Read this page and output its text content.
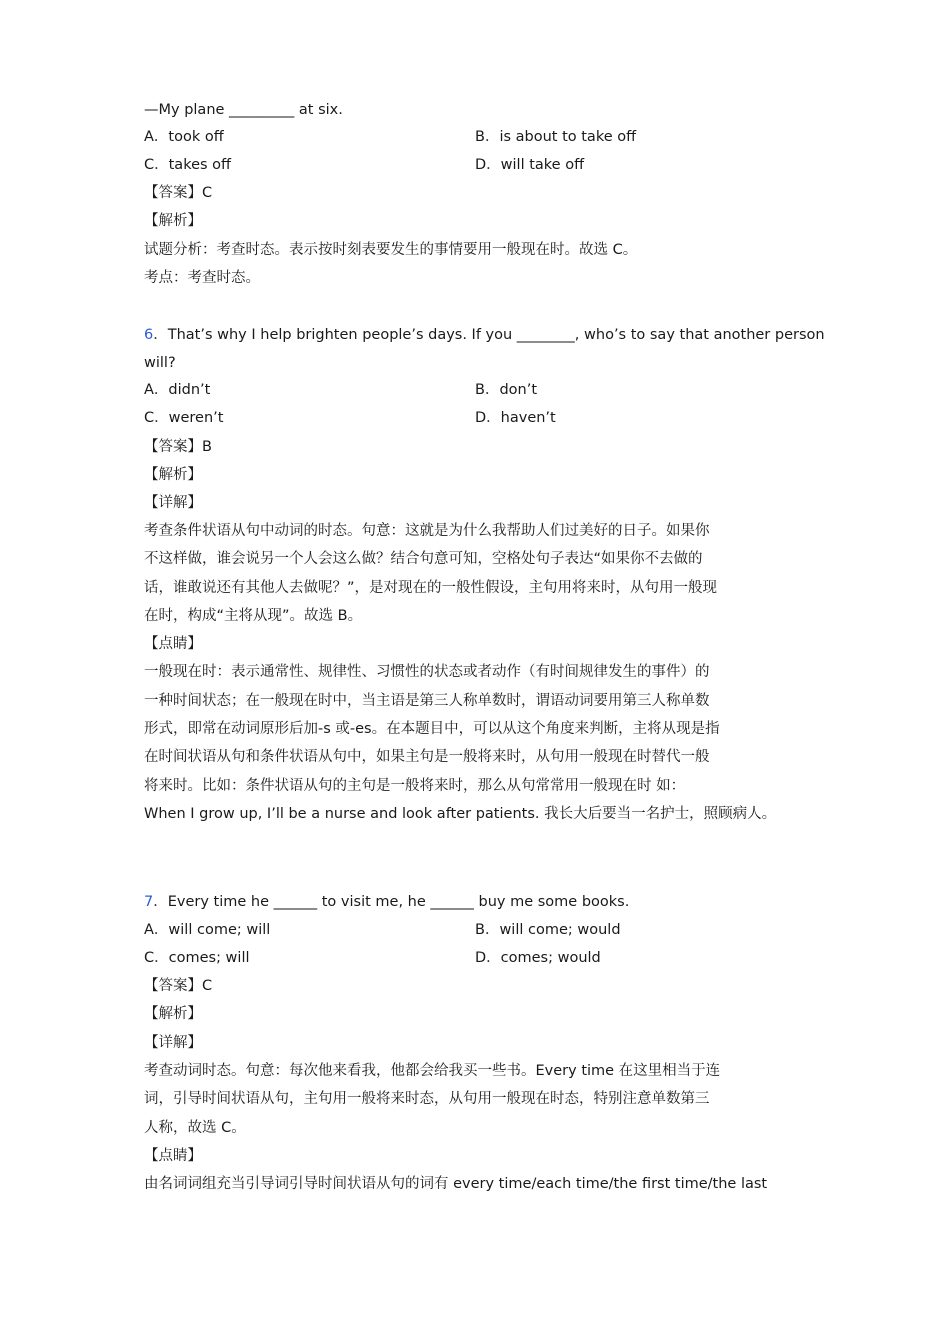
—My plane _________ at six.
A．took off	B．is about to take off
C．takes off	D．will take off
【答案】C
【解析】
试题分析：考查时态。表示按时刻表要发生的事情要用一般现在时。故选 C。
考点：考查时态。
6．That’s why I help brighten people’s days. If you ________, who’s to say that another person
will?
A．didn’t	B．don’t
C．weren’t	D．haven’t
【答案】B
【解析】
【详解】
考查条件状语从句中动词的时态。句意：这就是为什么我帮助人们过美好的日子。如果你
不这样做，谁会说另一个人会这么做？结合句意可知，空格处句子表达“如果你不去做的
话，谁敢说还有其他人去做呢？”，是对现在的一般性假设，主句用将来时，从句用一般现
在时，构成“主将从现”。故选 B。
【点睛】
一般现在时：表示通常性、规律性、习惯性的状态或者动作（有时间规律发生的事件）的
一种时间状态；在一般现在时中，当主语是第三人称单数时，谓语动词要用第三人称单数
形式，即常在动词原形后加-s 或-es。在本题目中，可以从这个角度来判断，主将从现是指
在时间状语从句和条件状语从句中，如果主句是一般将来时，从句用一般现在时替代一般
将来时。比如：条件状语从句的主句是一般将来时，那么从句常常用一般现在时 如：
When I grow up, I’ll be a nurse and look after patients. 我长大后要当一名护士，照顾病人。
7．Every time he ______ to visit me, he ______ buy me some books.
A．will come; will	B．will come; would
C．comes; will	D．comes; would
【答案】C
【解析】
【详解】
考查动词时态。句意：每次他来看我，他都会给我买一些书。Every time 在这里相当于连
词，引导时间状语从句，主句用一般将来时态，从句用一般现在时态，特别注意单数第三
人称，故选 C。
【点睛】
由名词词组充当引导词引导时间状语从句的词有 every time/each time/the first time/the last
